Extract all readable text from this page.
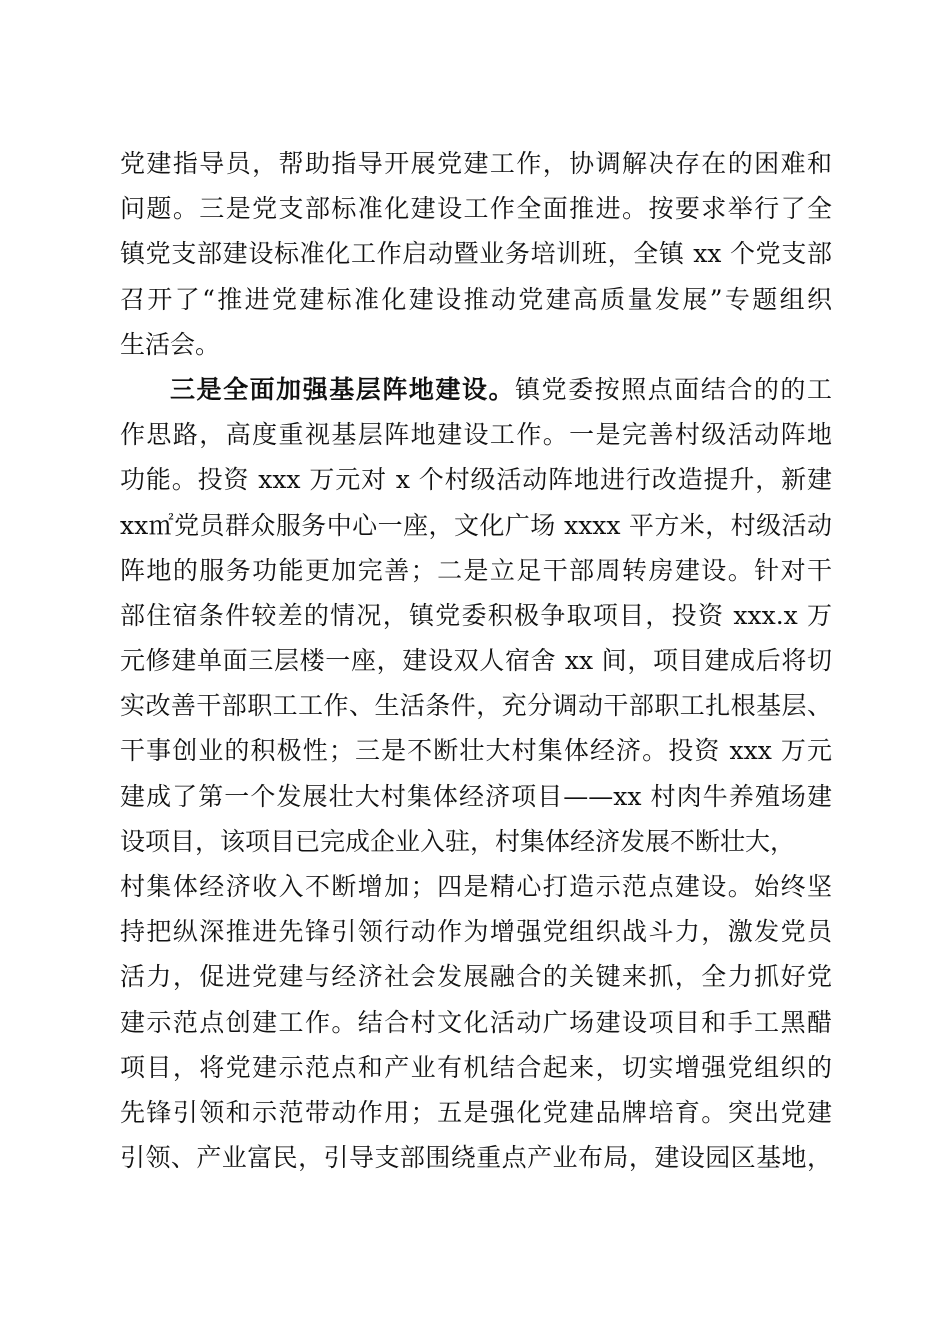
党建指导员，帮助指导开展党建工作，协调解决存在的困难和
问题。三是党支部标准化建设工作全面推进。按要求举行了全
镇党支部建设标准化工作启动暨业务培训班，全镇 xx 个党支部
召开了“推进党建标准化建设推动党建高质量发展”专题组织
生活会。
三是全面加强基层阵地建设。镇党委按照点面结合的的工
作思路，高度重视基层阵地建设工作。一是完善村级活动阵地
功能。投资 xxx 万元对 x 个村级活动阵地进行改造提升，新建
xx㎡党员群众服务中心一座，文化广场 xxxx 平方米，村级活动
阵地的服务功能更加完善；二是立足干部周转房建设。针对干
部住宿条件较差的情况，镇党委积极争取项目，投资 xxx.x 万
元修建单面三层楼一座，建设双人宿舍 xx 间，项目建成后将切
实改善干部职工工作、生活条件，充分调动干部职工扎根基层、
干事创业的积极性；三是不断壮大村集体经济。投资 xxx 万元
建成了第一个发展壮大村集体经济项目——xx 村肉牛养殖场建
设项目，该项目已完成企业入驻，村集体经济发展不断壮大，
村集体经济收入不断增加；四是精心打造示范点建设。始终坚
持把纵深推进先锋引领行动作为增强党组织战斗力，激发党员
活力，促进党建与经济社会发展融合的关键来抓，全力抓好党
建示范点创建工作。结合村文化活动广场建设项目和手工黑醋
项目，将党建示范点和产业有机结合起来，切实增强党组织的
先锋引领和示范带动作用；五是强化党建品牌培育。突出党建
引领、产业富民，引导支部围绕重点产业布局，建设园区基地，
